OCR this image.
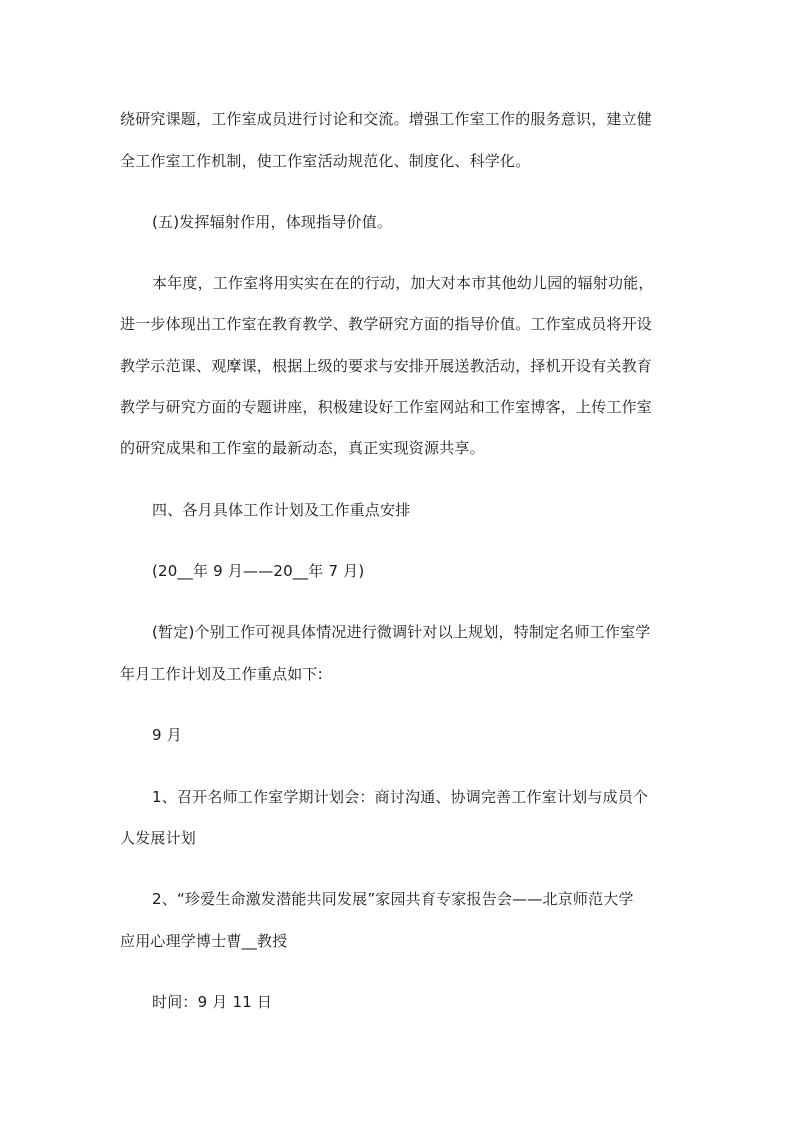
绕研究课题，工作室成员进行讨论和交流。增强工作室工作的服务意识，建立健

全工作室工作机制，使工作室活动规范化、制度化、科学化。

(五)发挥辐射作用，体现指导价值。

本年度，工作室将用实实在在的行动，加大对本市其他幼儿园的辐射功能，

进一步体现出工作室在教育教学、教学研究方面的指导价值。工作室成员将开设

教学示范课、观摩课，根据上级的要求与安排开展送教活动，择机开设有关教育

教学与研究方面的专题讲座，积极建设好工作室网站和工作室博客，上传工作室

的研究成果和工作室的最新动态，真正实现资源共享。

四、各月具体工作计划及工作重点安排

(20__年 9 月——20__年 7 月)

(暂定)个别工作可视具体情况进行微调针对以上规划，特制定名师工作室学

年月工作计划及工作重点如下:

9 月

1、召开名师工作室学期计划会：商讨沟通、协调完善工作室计划与成员个

人发展计划

2、“珍爱生命激发潜能共同发展”家园共育专家报告会——北京师范大学

应用心理学博士曹__教授

时间：9 月 11 日
